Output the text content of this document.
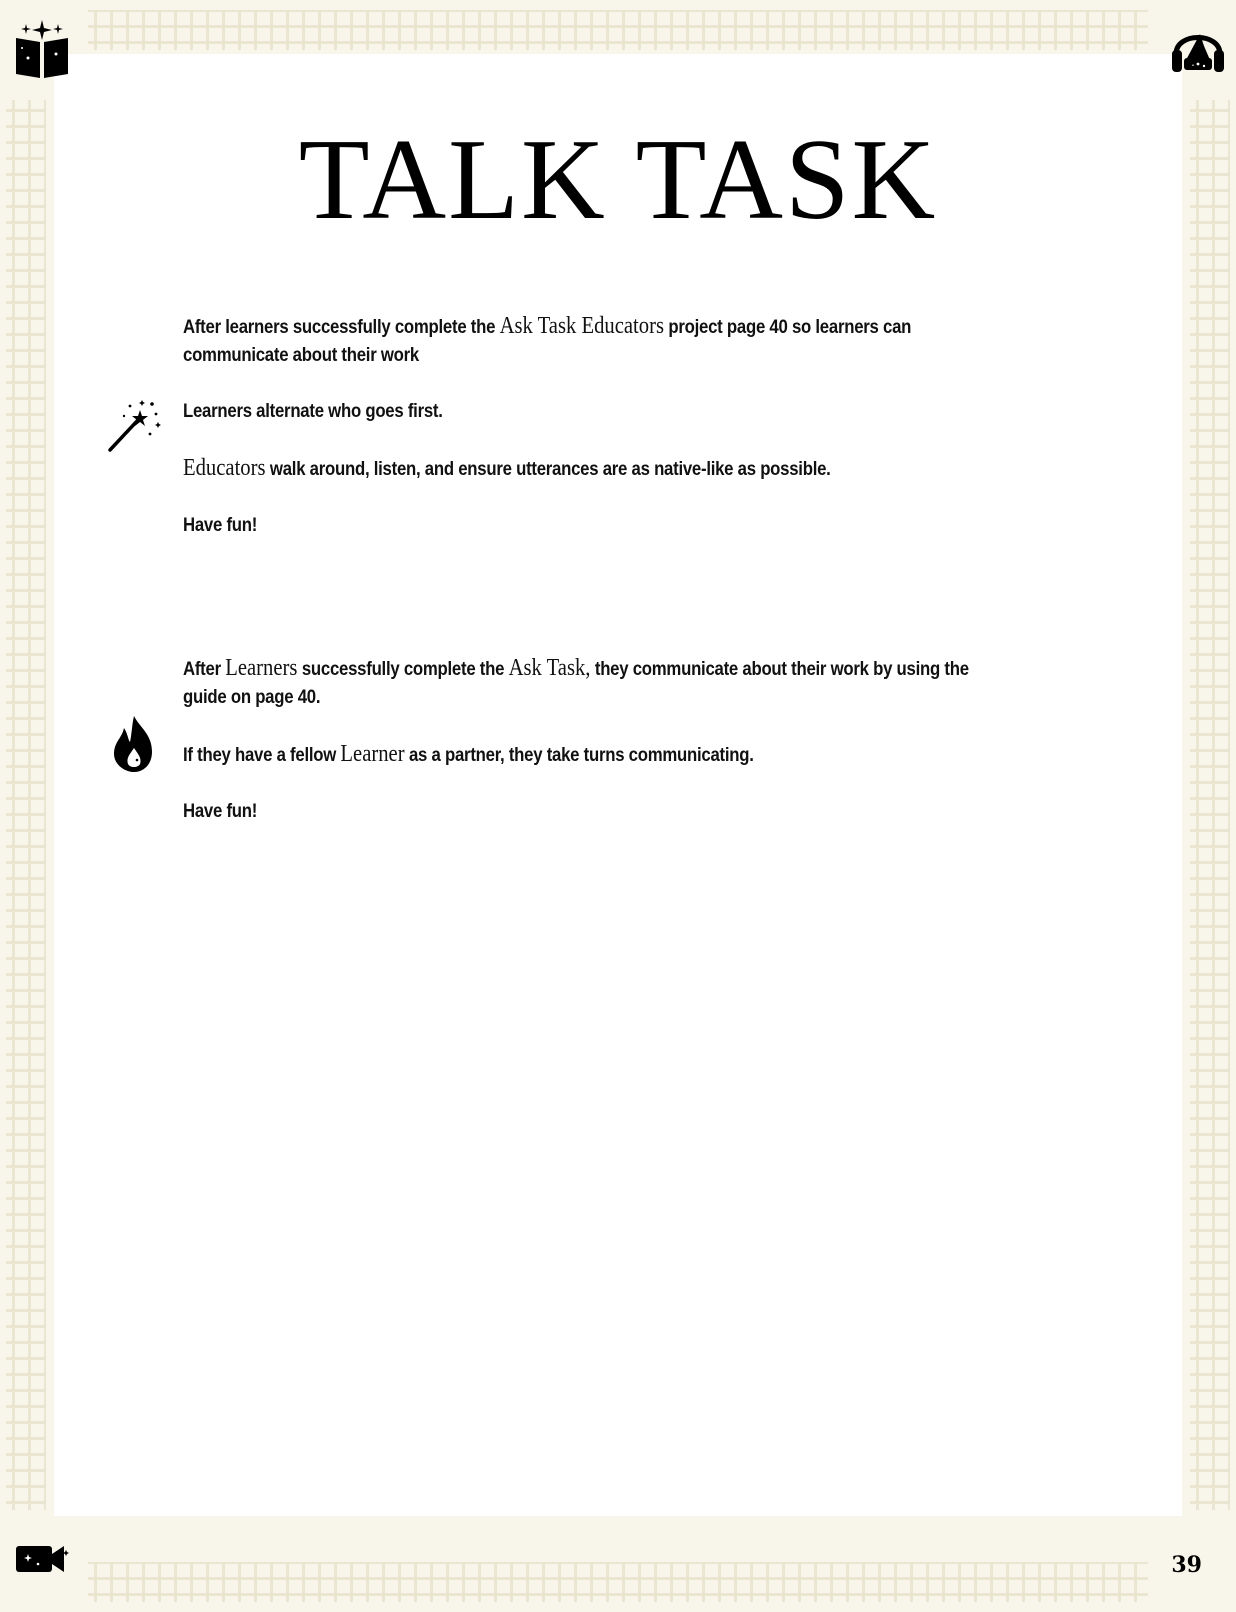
39
TALK TASK
After learners successfully complete the Ask Task Educators project page 40 so learners can communicate about their work
Learners alternate who goes first.
Educators walk around, listen, and ensure utterances are as native-like as possible.
Have fun!
After Learners successfully complete the Ask Task, they communicate about their work by using the guide on page 40.
If they have a fellow Learner as a partner, they take turns communicating.
Have fun!
